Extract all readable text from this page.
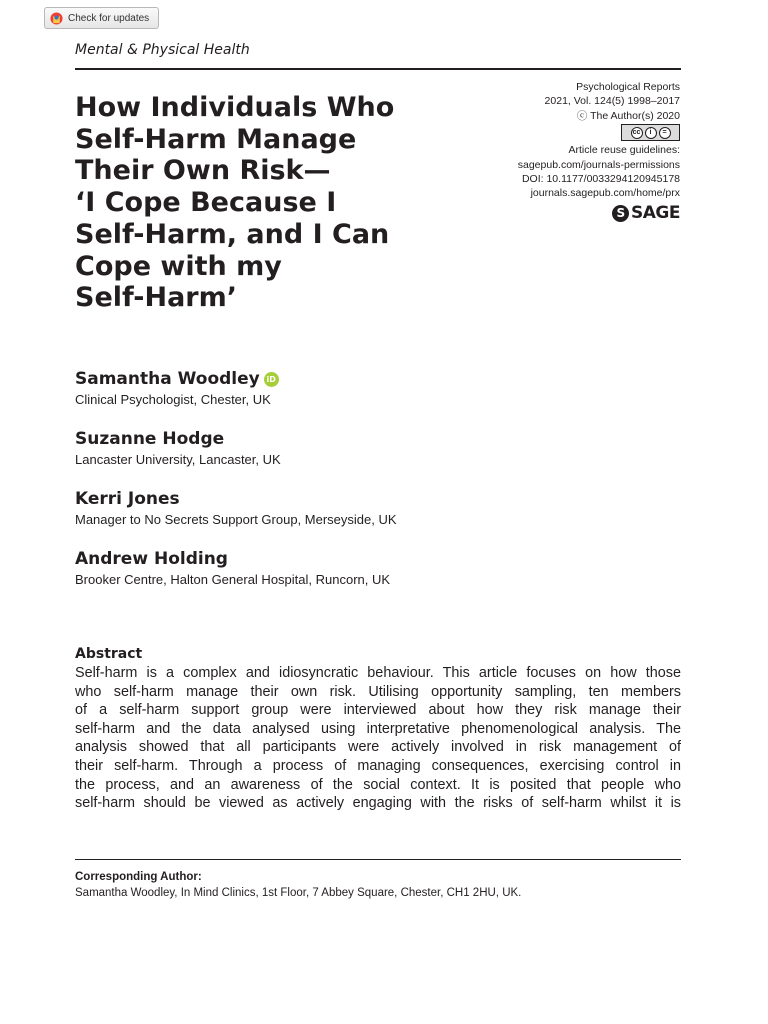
Check for updates
Mental & Physical Health
How Individuals Who
Self-Harm Manage
Their Own Risk—
‘I Cope Because I
Self-Harm, and I Can
Cope with my
Self-Harm’
Psychological Reports
2021, Vol. 124(5) 1998–2017
ⓒ The Author(s) 2020
cc	i	=
Article reuse guidelines:
sagepub.com/journals-permissions
DOI: 10.1177/0033294120945178
journals.sagepub.com/home/prx
S SAGE
Samantha Woodley iD
Clinical Psychologist, Chester, UK
Suzanne Hodge
Lancaster University, Lancaster, UK
Kerri Jones
Manager to No Secrets Support Group, Merseyside, UK
Andrew Holding
Brooker Centre, Halton General Hospital, Runcorn, UK
Abstract
Self-harm is a complex and idiosyncratic behaviour. This article focuses on how those
who self-harm manage their own risk. Utilising opportunity sampling, ten members
of a self-harm support group were interviewed about how they risk manage their
self-harm and the data analysed using interpretative phenomenological analysis. The
analysis showed that all participants were actively involved in risk management of
their self-harm. Through a process of managing consequences, exercising control in
the process, and an awareness of the social context. It is posited that people who
self-harm should be viewed as actively engaging with the risks of self-harm whilst it is
Corresponding Author:
Samantha Woodley, In Mind Clinics, 1st Floor, 7 Abbey Square, Chester, CH1 2HU, UK.
